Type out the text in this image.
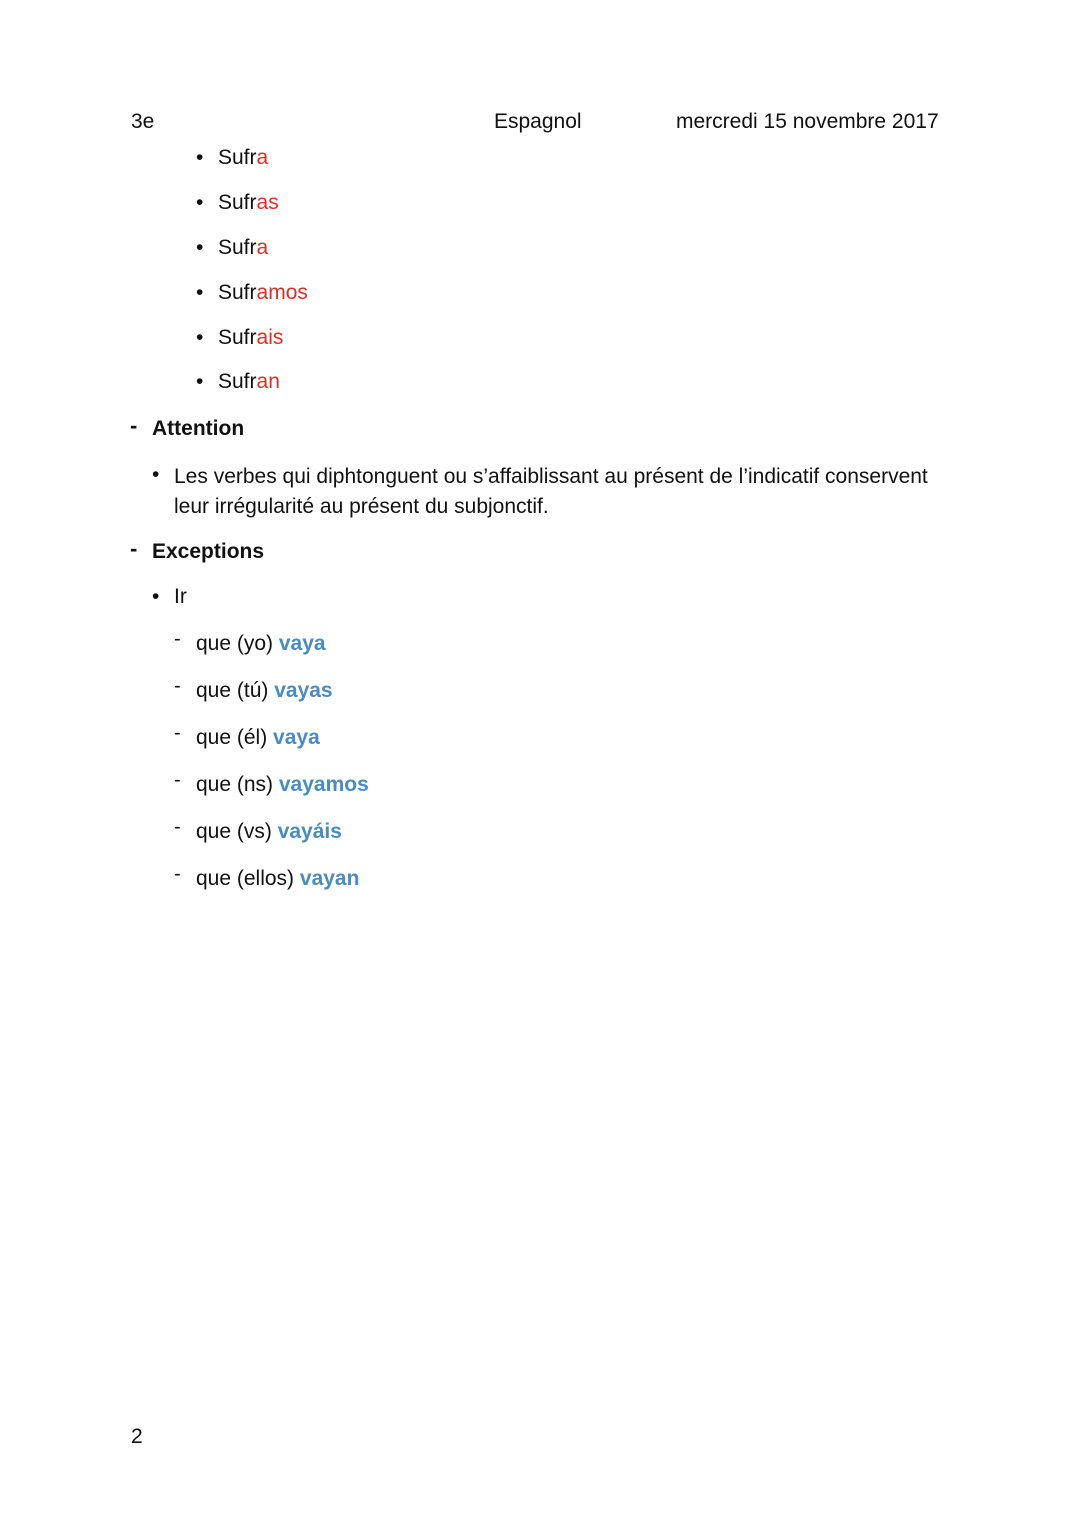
3e	Espagnol	mercredi 15 novembre 2017
• Sufra
• Sufras
• Sufra
• Suframos
• Sufrais
• Sufran
- Attention
• Les verbes qui diphtonguent ou s’affaiblissant au présent de l’indicatif conservent leur irrégularité au présent du subjonctif.
- Exceptions
• Ir
- que (yo) vaya
- que (tú) vayas
- que (él) vaya
- que (ns) vayamos
- que (vs) vayáis
- que (ellos) vayan
2
